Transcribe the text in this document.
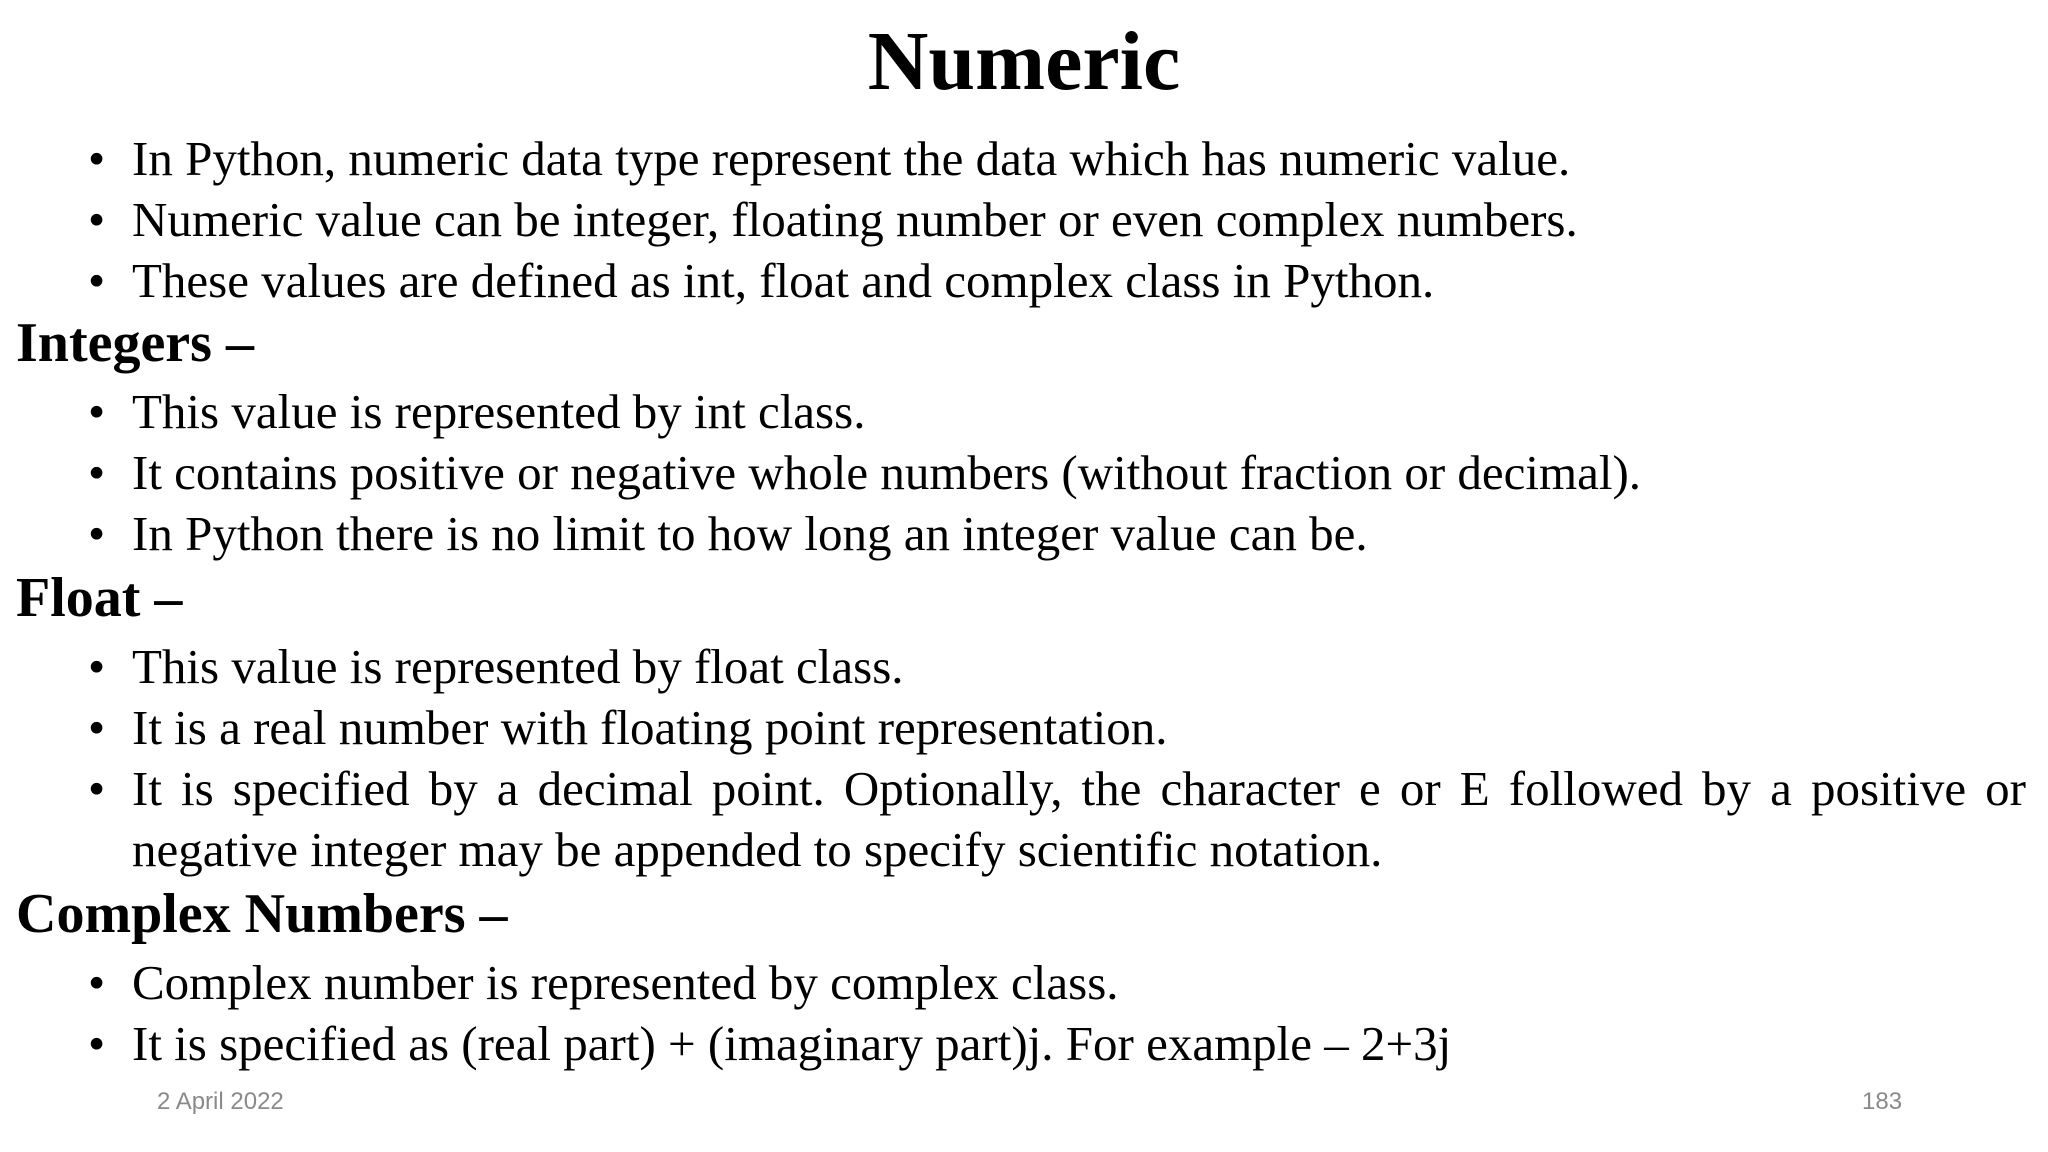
Numeric
• In Python, numeric data type represent the data which has numeric value.
• Numeric value can be integer, floating number or even complex numbers.
• These values are defined as int, float and complex class in Python.
Integers –
• This value is represented by int class.
• It contains positive or negative whole numbers (without fraction or decimal).
• In Python there is no limit to how long an integer value can be.
Float –
• This value is represented by float class.
• It is a real number with floating point representation.
• It is specified by a decimal point. Optionally, the character e or E followed by a positive or negative integer may be appended to specify scientific notation.
Complex Numbers –
• Complex number is represented by complex class.
• It is specified as (real part) + (imaginary part)j. For example – 2+3j
2 April 2022	183
